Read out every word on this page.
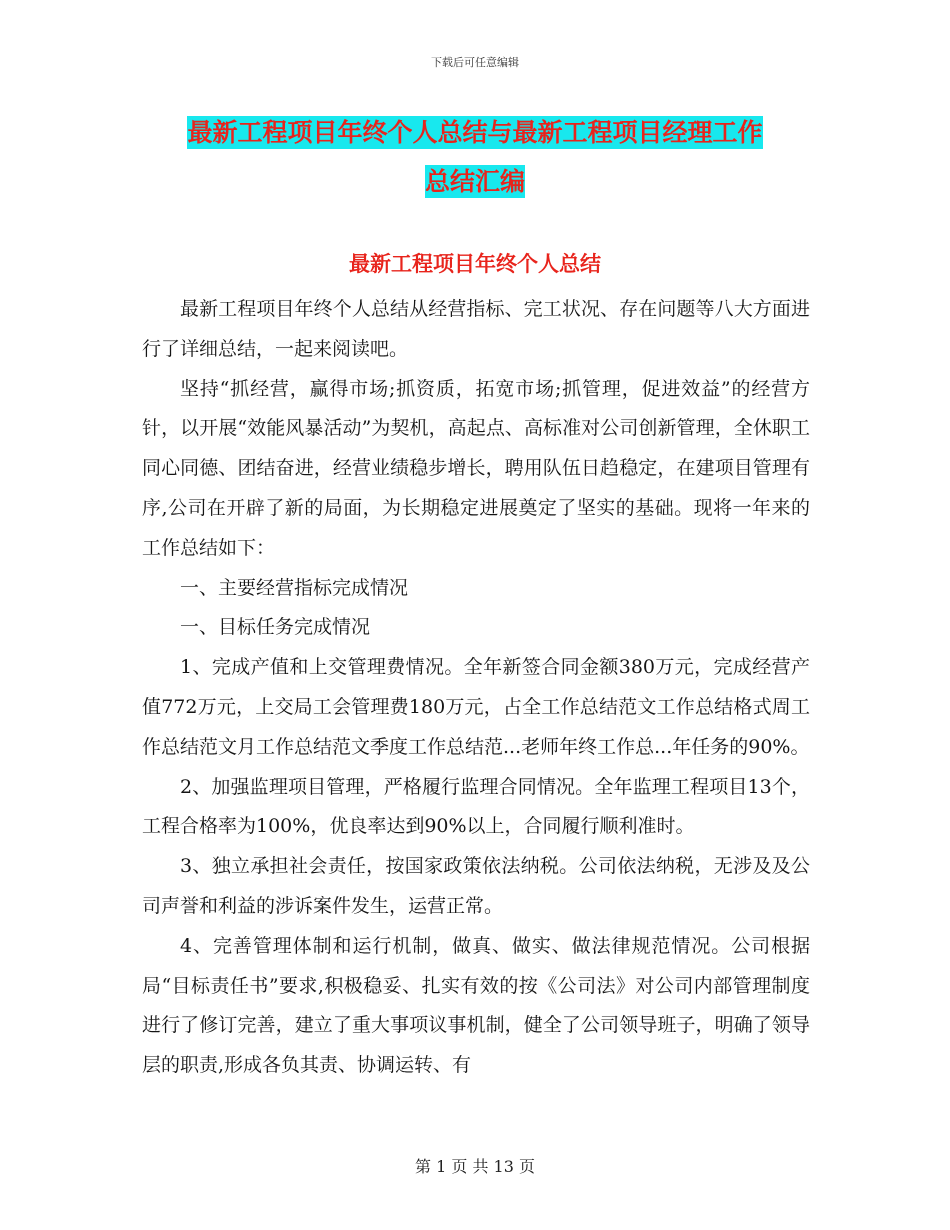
下载后可任意编辑
最新工程项目年终个人总结与最新工程项目经理工作
总结汇编
最新工程项目年终个人总结

最新工程项目年终个人总结从经营指标、完工状况、存在问题等八大方面进行了详细总结，一起来阅读吧。

坚持“抓经营，赢得市场;抓资质，拓宽市场;抓管理，促进效益”的经营方针，以开展“效能风暴活动”为契机，高起点、高标准对公司创新管理，全休职工同心同德、团结奋进，经营业绩稳步增长，聘用队伍日趋稳定，在建项目管理有序,公司在开辟了新的局面，为长期稳定进展奠定了坚实的基础。现将一年来的工作总结如下：

一、主要经营指标完成情况

一、目标任务完成情况

1、完成产值和上交管理费情况。全年新签合同金额380万元，完成经营产值772万元，上交局工会管理费180万元，占全工作总结范文工作总结格式周工作总结范文月工作总结范文季度工作总结范...老师年终工作总...年任务的90%。

2、加强监理项目管理，严格履行监理合同情况。全年监理工程项目13个，工程合格率为100%，优良率达到90%以上，合同履行顺利准时。

3、独立承担社会责任，按国家政策依法纳税。公司依法纳税，无涉及及公司声誉和利益的涉诉案件发生，运营正常。

4、完善管理体制和运行机制，做真、做实、做法律规范情况。公司根据局“目标责任书”要求,积极稳妥、扎实有效的按《公司法》对公司内部管理制度进行了修订完善，建立了重大事项议事机制，健全了公司领导班子，明确了领导层的职责,形成各负其责、协调运转、有

第 1 页 共 13 页
